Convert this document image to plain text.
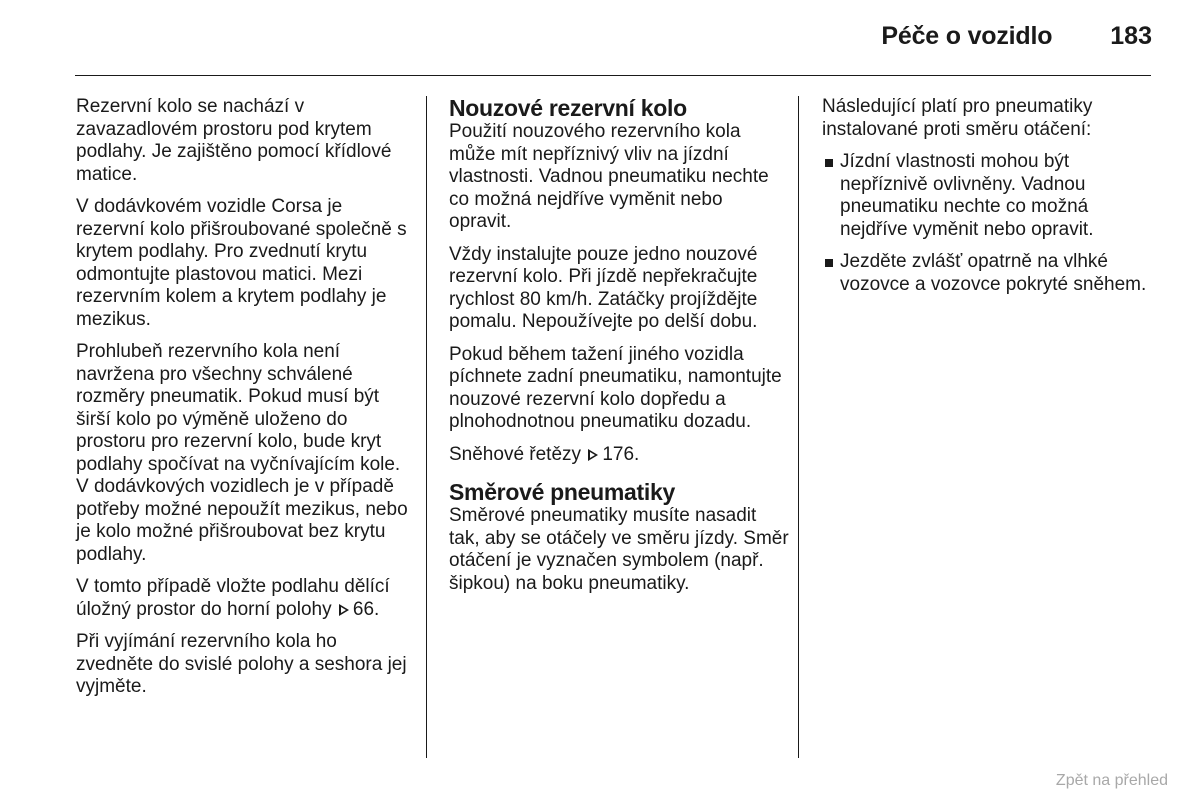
Péče o vozidlo 183

Rezervní kolo se nachází v zavazadlovém prostoru pod krytem podlahy. Je zajištěno pomocí křídlové matice.

V dodávkovém vozidle Corsa je rezervní kolo přišroubované společně s krytem podlahy. Pro zvednutí krytu odmontujte plastovou matici. Mezi rezervním kolem a krytem podlahy je mezikus.

Prohlubeň rezervního kola není navržena pro všechny schválené rozměry pneumatik. Pokud musí být širší kolo po výměně uloženo do prostoru pro rezervní kolo, bude kryt podlahy spočívat na vyčnívajícím kole. V dodávkových vozidlech je v případě potřeby možné nepoužít mezikus, nebo je kolo možné přišroubovat bez krytu podlahy.

V tomto případě vložte podlahu dělící úložný prostor do horní polohy 66.

Při vyjímání rezervního kola ho zvedněte do svislé polohy a seshora jej vyjměte.

Nouzové rezervní kolo

Použití nouzového rezervního kola může mít nepříznivý vliv na jízdní vlastnosti. Vadnou pneumatiku nechte co možná nejdříve vyměnit nebo opravit.

Vždy instalujte pouze jedno nouzové rezervní kolo. Při jízdě nepřekračujte rychlost 80 km/h. Zatáčky projíždějte pomalu. Nepoužívejte po delší dobu.

Pokud během tažení jiného vozidla píchnete zadní pneumatiku, namontujte nouzové rezervní kolo dopředu a plnohodnotnou pneumatiku dozadu.

Sněhové řetězy 176.

Směrové pneumatiky

Směrové pneumatiky musíte nasadit tak, aby se otáčely ve směru jízdy. Směr otáčení je vyznačen symbolem (např. šipkou) na boku pneumatiky.

Následující platí pro pneumatiky instalované proti směru otáčení:

Jízdní vlastnosti mohou být nepříznivě ovlivněny. Vadnou pneumatiku nechte co možná nejdříve vyměnit nebo opravit.
Jezděte zvlášť opatrně na vlhké vozovce a vozovce pokryté sněhem.
Zpět na přehled
